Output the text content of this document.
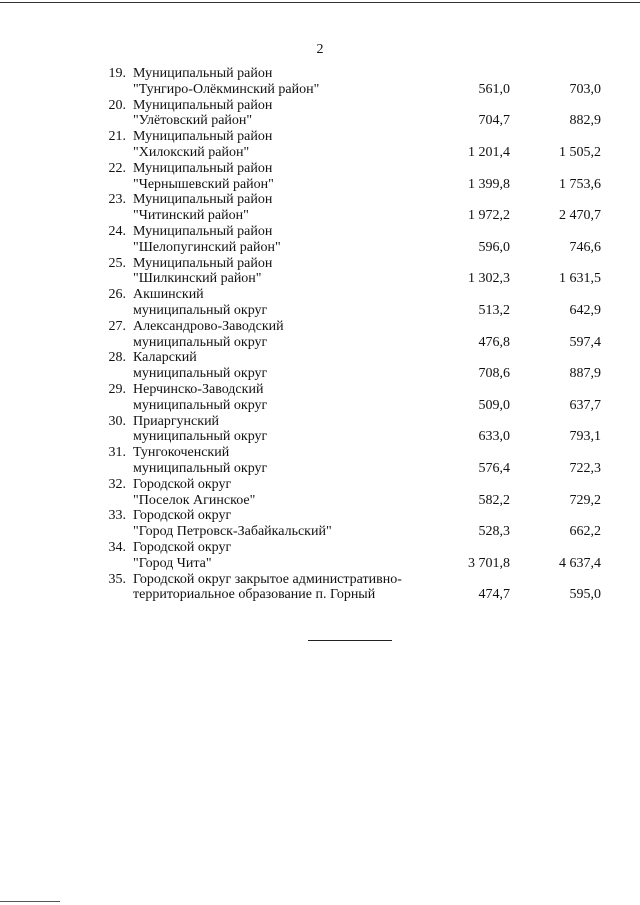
2
19. Муниципальный район
"Тунгиро-Олёкминский район"	561,0	703,0
20. Муниципальный район
"Улётовский район"	704,7	882,9
21. Муниципальный район
"Хилокский район"	1 201,4	1 505,2
22. Муниципальный район
"Чернышевский район"	1 399,8	1 753,6
23. Муниципальный район
"Читинский район"	1 972,2	2 470,7
24. Муниципальный район
"Шелопугинский район"	596,0	746,6
25. Муниципальный район
"Шилкинский район"	1 302,3	1 631,5
26. Акшинский
муниципальный округ	513,2	642,9
27. Александрово-Заводский
муниципальный округ	476,8	597,4
28. Каларский
муниципальный округ	708,6	887,9
29. Нерчинско-Заводский
муниципальный округ	509,0	637,7
30. Приаргунский
муниципальный округ	633,0	793,1
31. Тунгокоченский
муниципальный округ	576,4	722,3
32. Городской округ
"Поселок Агинское"	582,2	729,2
33. Городской округ
"Город Петровск-Забайкальский"	528,3	662,2
34. Городской округ
"Город Чита"	3 701,8	4 637,4
35. Городской округ закрытое административно-
территориальное образование п. Горный	474,7	595,0
